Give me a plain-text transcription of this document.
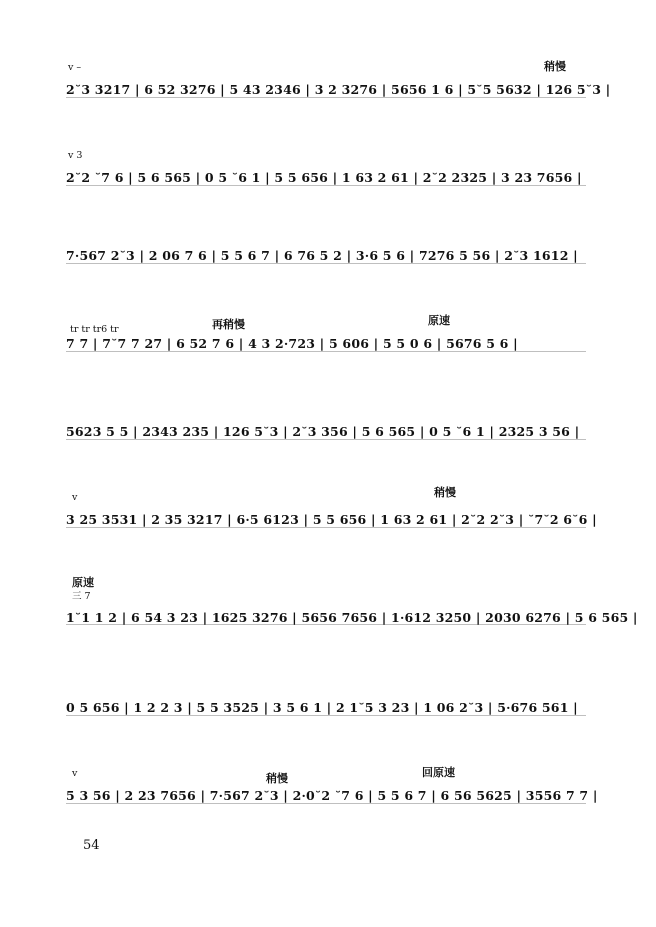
v –	稍慢
2˘3 3217 | 6 52 3276 | 5 43 2346 | 3 2 3276 | 5656 1 6 | 5˘5 5632 | 126 5˘3 |
v 3
2˘2 ˘7 6 | 5 6 565 | 0 5 ˘6 1 | 5 5 656 | 1 63 2 61 | 2˘2 2325 | 3 23 7656 |
7·567 2˘3 | 2 06 7 6 | 5 5 6 7 | 6 76 5 2 | 3·6 5 6 | 7276 5 56 | 2˘3 1612 |
tr tr tr6 tr	再稍慢	原速
7 7 | 7˘7 7 27 | 6 52 7 6 | 4 3 2·723 | 5 606 | 5 5 0 6 | 5676 5 6 |
5623 5 5 | 2343 235 | 126 5˘3 | 2˘3 356 | 5 6 565 | 0 5 ˘6 1 | 2325 3 56 |
v	稍慢
3 25 3531 | 2 35 3217 | 6·5 6123 | 5 5 656 | 1 63 2 61 | 2˘2 2˘3 | ˘7˘2 6˘6 |
原速
三 7
1˘1 1 2 | 6 54 3 23 | 1625 3276 | 5656 7656 | 1·612 3250 | 2030 6276 | 5 6 565 |
0 5 656 | 1 2 2 3 | 5 5 3525 | 3 5 6 1 | 2 1˘5 3 23 | 1 06 2˘3 | 5·676 561 |
v	稍慢	回原速
5 3 56 | 2 23 7656 | 7·567 2˘3 | 2·0˘2 ˘7 6 | 5 5 6 7 | 6 56 5625 | 3556 7 7 |
54
